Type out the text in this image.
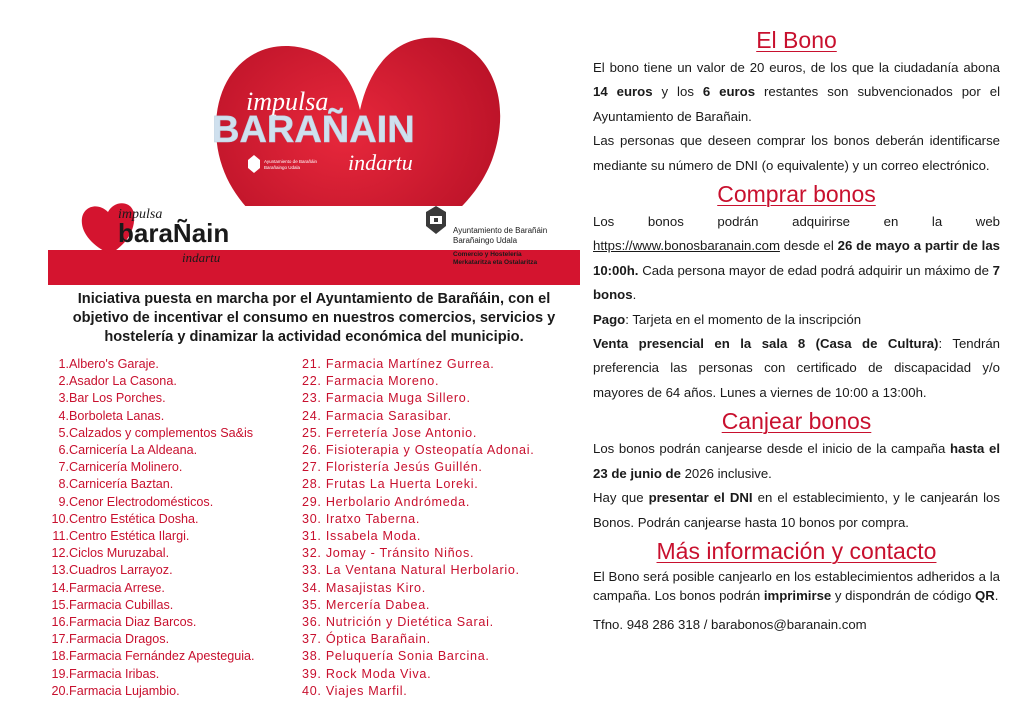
impulsa
BARAÑAIN
indartu
Ayuntamiento de Barañáin
Barañaingo Udala
impulsa
baraÑain
indartu
Ayuntamiento de Barañáin
Barañaingo Udala
Comercio y Hostelería
Merkataritza eta Ostalaritza
Iniciativa puesta en marcha por el Ayuntamiento de Barañáin, con el objetivo de incentivar el consumo en nuestros comercios, servicios y hostelería y dinamizar la actividad económica del municipio.
1.Albero's Garaje.
2.Asador La Casona.
3.Bar Los Porches.
4.Borboleta Lanas.
5.Calzados y complementos Sa&is
6.Carnicería La Aldeana.
7.Carnicería Molinero.
8.Carnicería Baztan.
9.Cenor Electrodomésticos.
10.Centro Estética Dosha.
11.Centro Estética Ilargi.
12.Ciclos Muruzabal.
13.Cuadros Larrayoz.
14.Farmacia Arrese.
15.Farmacia Cubillas.
16.Farmacia Diaz Barcos.
17.Farmacia Dragos.
18.Farmacia Fernández Apesteguia.
19.Farmacia Iribas.
20.Farmacia Lujambio.
21. Farmacia Martínez Gurrea.
22. Farmacia Moreno.
23. Farmacia Muga Sillero.
24. Farmacia Sarasibar.
25. Ferretería Jose Antonio.
26. Fisioterapia y Osteopatía Adonai.
27. Floristería Jesús Guillén.
28. Frutas La Huerta Loreki.
29. Herbolario Andrómeda.
30. Iratxo Taberna.
31. Issabela Moda.
32. Jomay - Tránsito Niños.
33. La Ventana Natural Herbolario.
34. Masajistas Kiro.
35. Mercería Dabea.
36. Nutrición y Dietética Sarai.
37. Óptica Barañain.
38. Peluquería Sonia Barcina.
39. Rock Moda Viva.
40. Viajes Marfil.
El Bono

El bono tiene un valor de 20 euros, de los que la ciudadanía abona 14 euros y los 6 euros restantes son subvencionados por el Ayuntamiento de Barañain.

Las personas que deseen comprar los bonos deberán identificarse mediante su número de DNI (o equivalente) y un correo electrónico.

Comprar bonos

Los bonos podrán adquirirse en la web https://www.bonosbaranain.com desde el 26 de mayo a partir de las 10:00h. Cada persona mayor de edad podrá adquirir un máximo de 7 bonos.

Pago: Tarjeta en el momento de la inscripción

Venta presencial en la sala 8 (Casa de Cultura): Tendrán preferencia las personas con certificado de discapacidad y/o mayores de 64 años. Lunes a viernes de 10:00 a 13:00h.

Canjear bonos

Los bonos podrán canjearse desde el inicio de la campaña hasta el 23 de junio de 2026 inclusive.

Hay que presentar el DNI en el establecimiento, y le canjearán los Bonos. Podrán canjearse hasta 10 bonos por compra.

Más información y contacto

El Bono será posible canjearlo en los establecimientos adheridos a la campaña. Los bonos podrán imprimirse y dispondrán de código QR.

Tfno. 948 286 318 / barabonos@baranain.com
